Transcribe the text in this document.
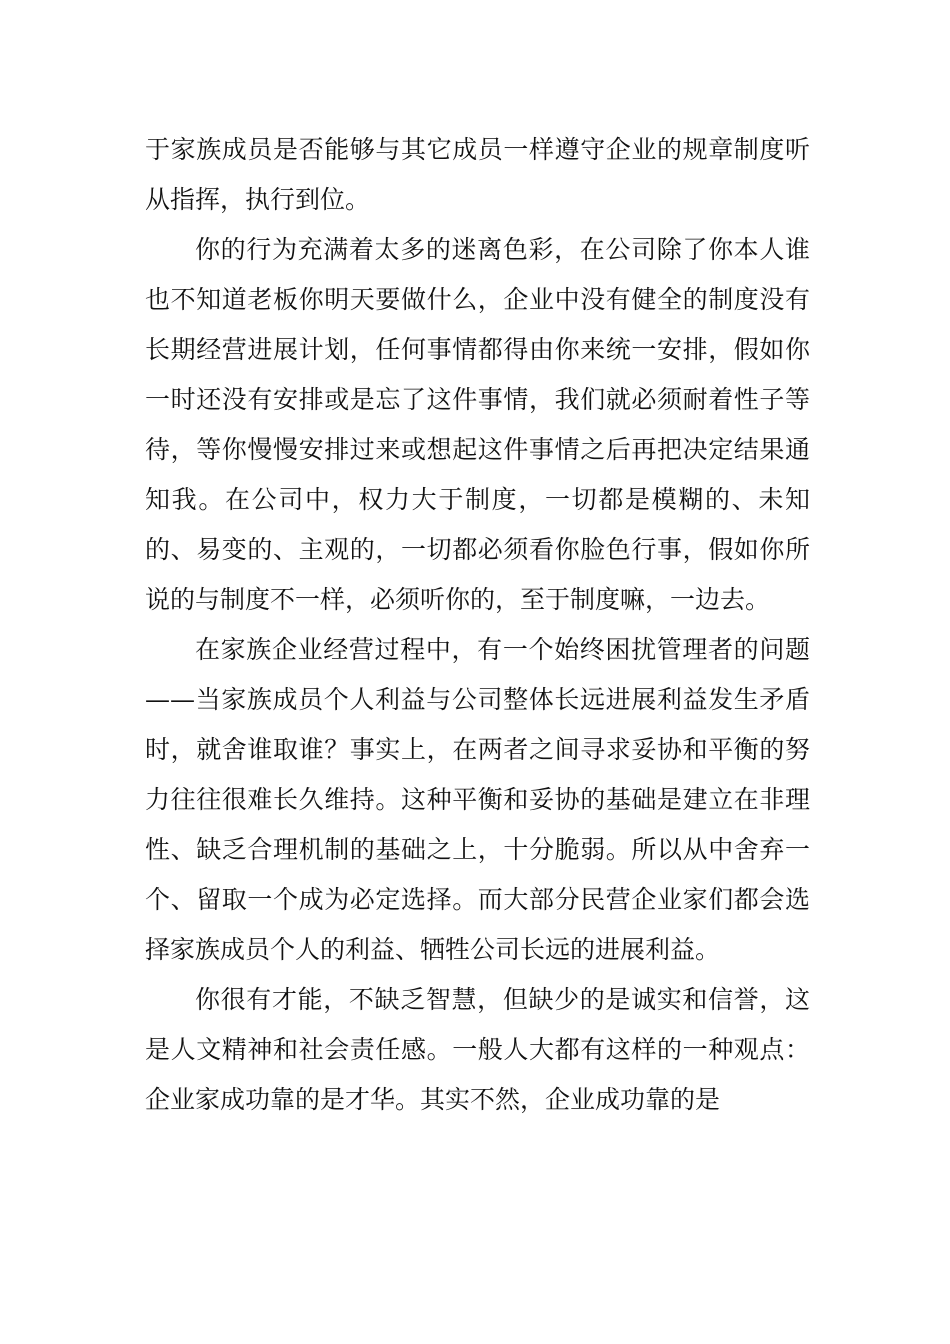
于家族成员是否能够与其它成员一样遵守企业的规章制度听从指挥，执行到位。

你的行为充满着太多的迷离色彩，在公司除了你本人谁也不知道老板你明天要做什么，企业中没有健全的制度没有长期经营进展计划，任何事情都得由你来统一安排，假如你一时还没有安排或是忘了这件事情，我们就必须耐着性子等待，等你慢慢安排过来或想起这件事情之后再把决定结果通知我。在公司中，权力大于制度，一切都是模糊的、未知的、易变的、主观的，一切都必须看你脸色行事，假如你所说的与制度不一样，必须听你的，至于制度嘛，一边去。

在家族企业经营过程中，有一个始终困扰管理者的问题——当家族成员个人利益与公司整体长远进展利益发生矛盾时，就舍谁取谁？事实上，在两者之间寻求妥协和平衡的努力往往很难长久维持。这种平衡和妥协的基础是建立在非理性、缺乏合理机制的基础之上，十分脆弱。所以从中舍弃一个、留取一个成为必定选择。而大部分民营企业家们都会选择家族成员个人的利益、牺牲公司长远的进展利益。

你很有才能，不缺乏智慧，但缺少的是诚实和信誉，这是人文精神和社会责任感。一般人大都有这样的一种观点：企业家成功靠的是才华。其实不然，企业成功靠的是
